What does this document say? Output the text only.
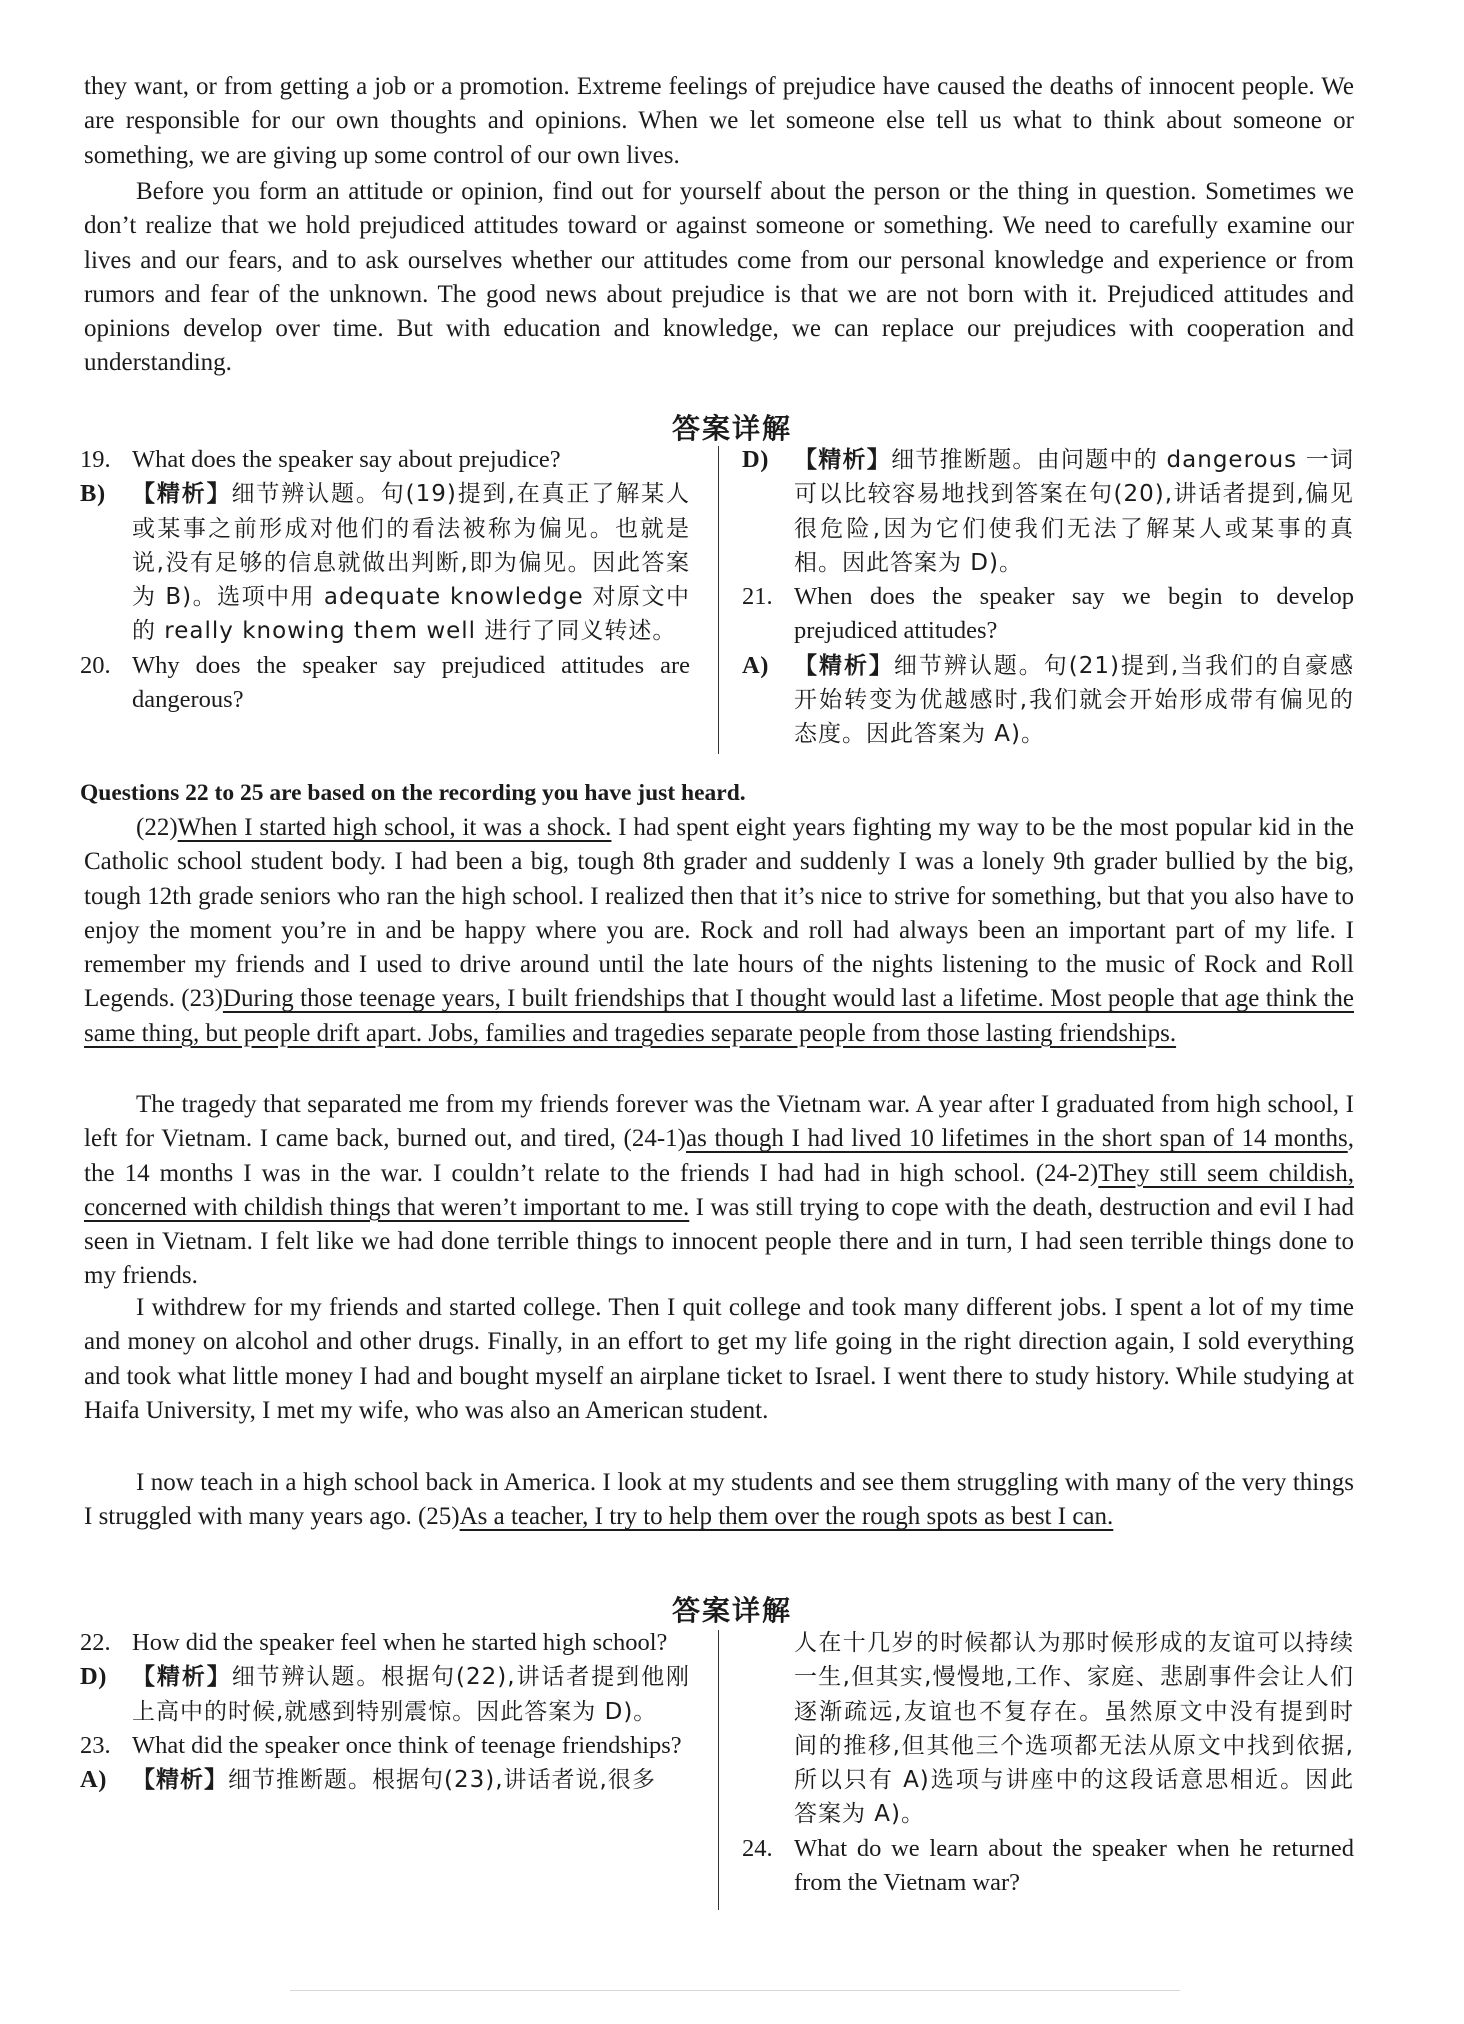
they want, or from getting a job or a promotion. Extreme feelings of prejudice have caused the deaths of innocent people. We are responsible for our own thoughts and opinions. When we let someone else tell us what to think about someone or something, we are giving up some control of our own lives.

Before you form an attitude or opinion, find out for yourself about the person or the thing in question. Sometimes we don’t realize that we hold prejudiced attitudes toward or against someone or something. We need to carefully examine our lives and our fears, and to ask ourselves whether our attitudes come from our personal knowledge and experience or from rumors and fear of the unknown. The good news about prejudice is that we are not born with it. Prejudiced attitudes and opinions develop over time. But with education and knowledge, we can replace our prejudices with cooperation and understanding.

答案详解

19. What does the speaker say about prejudice?

B)	【精析】细节辨认题。句(19)提到,在真正了解某人或某事之前形成对他们的看法被称为偏见。也就是说,没有足够的信息就做出判断,即为偏见。因此答案为 B)。选项中用 adequate knowledge 对原文中的 really knowing them well 进行了同义转述。

20. Why does the speaker say prejudiced attitudes are dangerous?

D)	【精析】细节推断题。由问题中的 dangerous 一词可以比较容易地找到答案在句(20),讲话者提到,偏见很危险,因为它们使我们无法了解某人或某事的真相。因此答案为 D)。

21. When does the speaker say we begin to develop prejudiced attitudes?

A)	【精析】细节辨认题。句(21)提到,当我们的自豪感开始转变为优越感时,我们就会开始形成带有偏见的态度。因此答案为 A)。

Questions 22 to 25 are based on the recording you have just heard.

(22)When I started high school, it was a shock. I had spent eight years fighting my way to be the most popular kid in the Catholic school student body. I had been a big, tough 8th grader and suddenly I was a lonely 9th grader bullied by the big, tough 12th grade seniors who ran the high school. I realized then that it’s nice to strive for something, but that you also have to enjoy the moment you’re in and be happy where you are. Rock and roll had always been an important part of my life. I remember my friends and I used to drive around until the late hours of the nights listening to the music of Rock and Roll Legends. (23)During those teenage years, I built friendships that I thought would last a lifetime. Most people that age think the same thing, but people drift apart. Jobs, families and tragedies separate people from those lasting friendships.

The tragedy that separated me from my friends forever was the Vietnam war. A year after I graduated from high school, I left for Vietnam. I came back, burned out, and tired, (24-1)as though I had lived 10 lifetimes in the short span of 14 months, the 14 months I was in the war. I couldn’t relate to the friends I had had in high school. (24-2)They still seem childish, concerned with childish things that weren’t important to me. I was still trying to cope with the death, destruction and evil I had seen in Vietnam. I felt like we had done terrible things to innocent people there and in turn, I had seen terrible things done to my friends.

I withdrew for my friends and started college. Then I quit college and took many different jobs. I spent a lot of my time and money on alcohol and other drugs. Finally, in an effort to get my life going in the right direction again, I sold everything and took what little money I had and bought myself an airplane ticket to Israel. I went there to study history. While studying at Haifa University, I met my wife, who was also an American student.

I now teach in a high school back in America. I look at my students and see them struggling with many of the very things I struggled with many years ago. (25)As a teacher, I try to help them over the rough spots as best I can.

答案详解

22. How did the speaker feel when he started high school?

D)	【精析】细节辨认题。根据句(22),讲话者提到他刚上高中的时候,就感到特别震惊。因此答案为 D)。

23. What did the speaker once think of teenage friendships?

A)	【精析】细节推断题。根据句(23),讲话者说,很多

人在十几岁的时候都认为那时候形成的友谊可以持续一生,但其实,慢慢地,工作、家庭、悲剧事件会让人们逐渐疏远,友谊也不复存在。虽然原文中没有提到时间的推移,但其他三个选项都无法从原文中找到依据,所以只有 A)选项与讲座中的这段话意思相近。因此答案为 A)。

24. What do we learn about the speaker when he returned from the Vietnam war?
